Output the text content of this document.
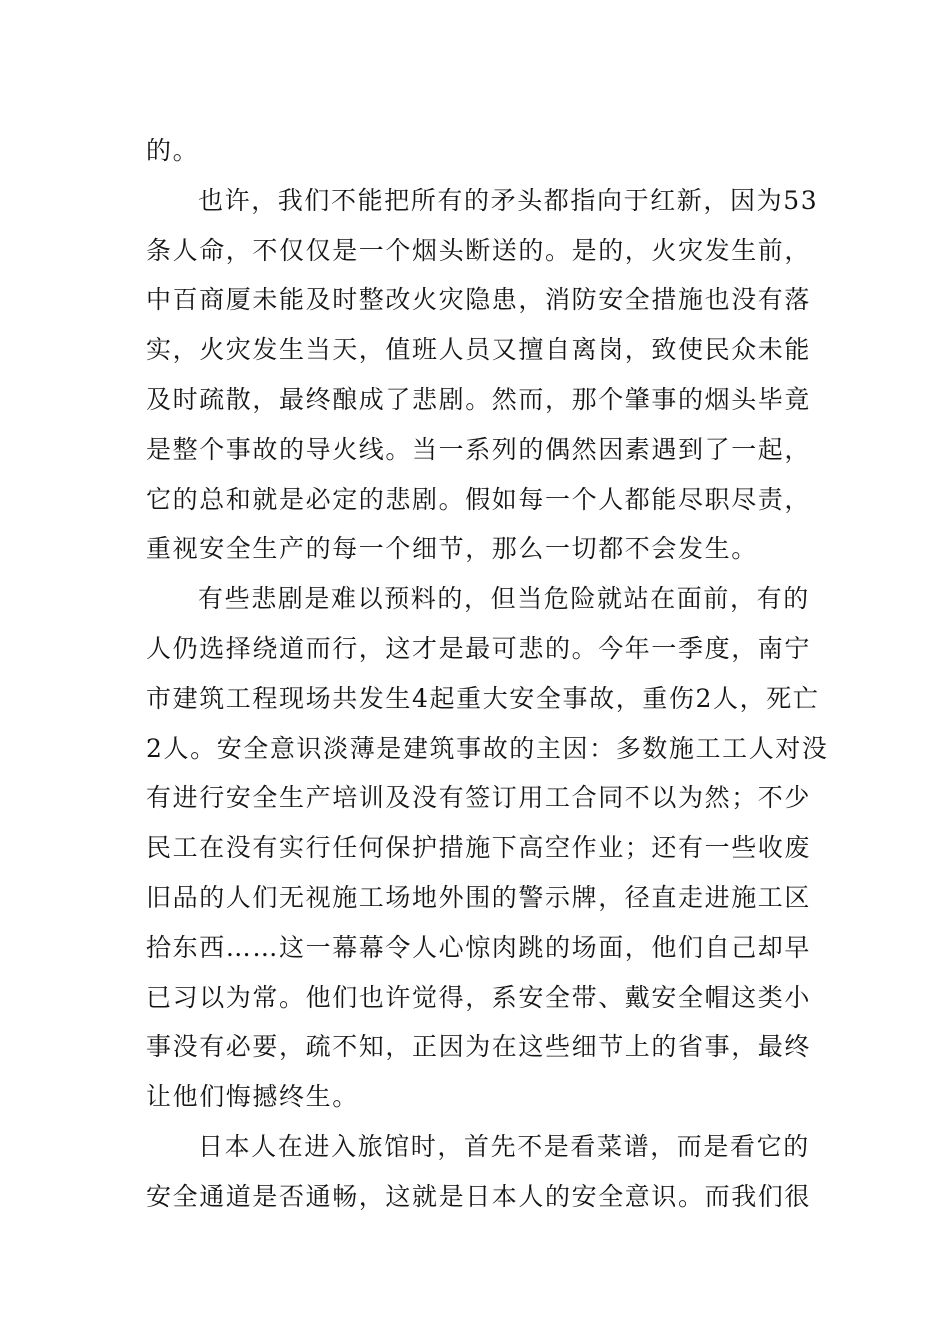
的。
也许，我们不能把所有的矛头都指向于红新，因为53
条人命，不仅仅是一个烟头断送的。是的，火灾发生前，
中百商厦未能及时整改火灾隐患，消防安全措施也没有落
实，火灾发生当天，值班人员又擅自离岗，致使民众未能
及时疏散，最终酿成了悲剧。然而，那个肇事的烟头毕竟
是整个事故的导火线。当一系列的偶然因素遇到了一起，
它的总和就是必定的悲剧。假如每一个人都能尽职尽责，
重视安全生产的每一个细节，那么一切都不会发生。
有些悲剧是难以预料的，但当危险就站在面前，有的
人仍选择绕道而行，这才是最可悲的。今年一季度，南宁
市建筑工程现场共发生4起重大安全事故，重伤2人，死亡
2人。安全意识淡薄是建筑事故的主因：多数施工工人对没
有进行安全生产培训及没有签订用工合同不以为然；不少
民工在没有实行任何保护措施下高空作业；还有一些收废
旧品的人们无视施工场地外围的警示牌，径直走进施工区
拾东西……这一幕幕令人心惊肉跳的场面，他们自己却早
已习以为常。他们也许觉得，系安全带、戴安全帽这类小
事没有必要，疏不知，正因为在这些细节上的省事，最终
让他们悔撼终生。
日本人在进入旅馆时，首先不是看菜谱，而是看它的
安全通道是否通畅，这就是日本人的安全意识。而我们很
